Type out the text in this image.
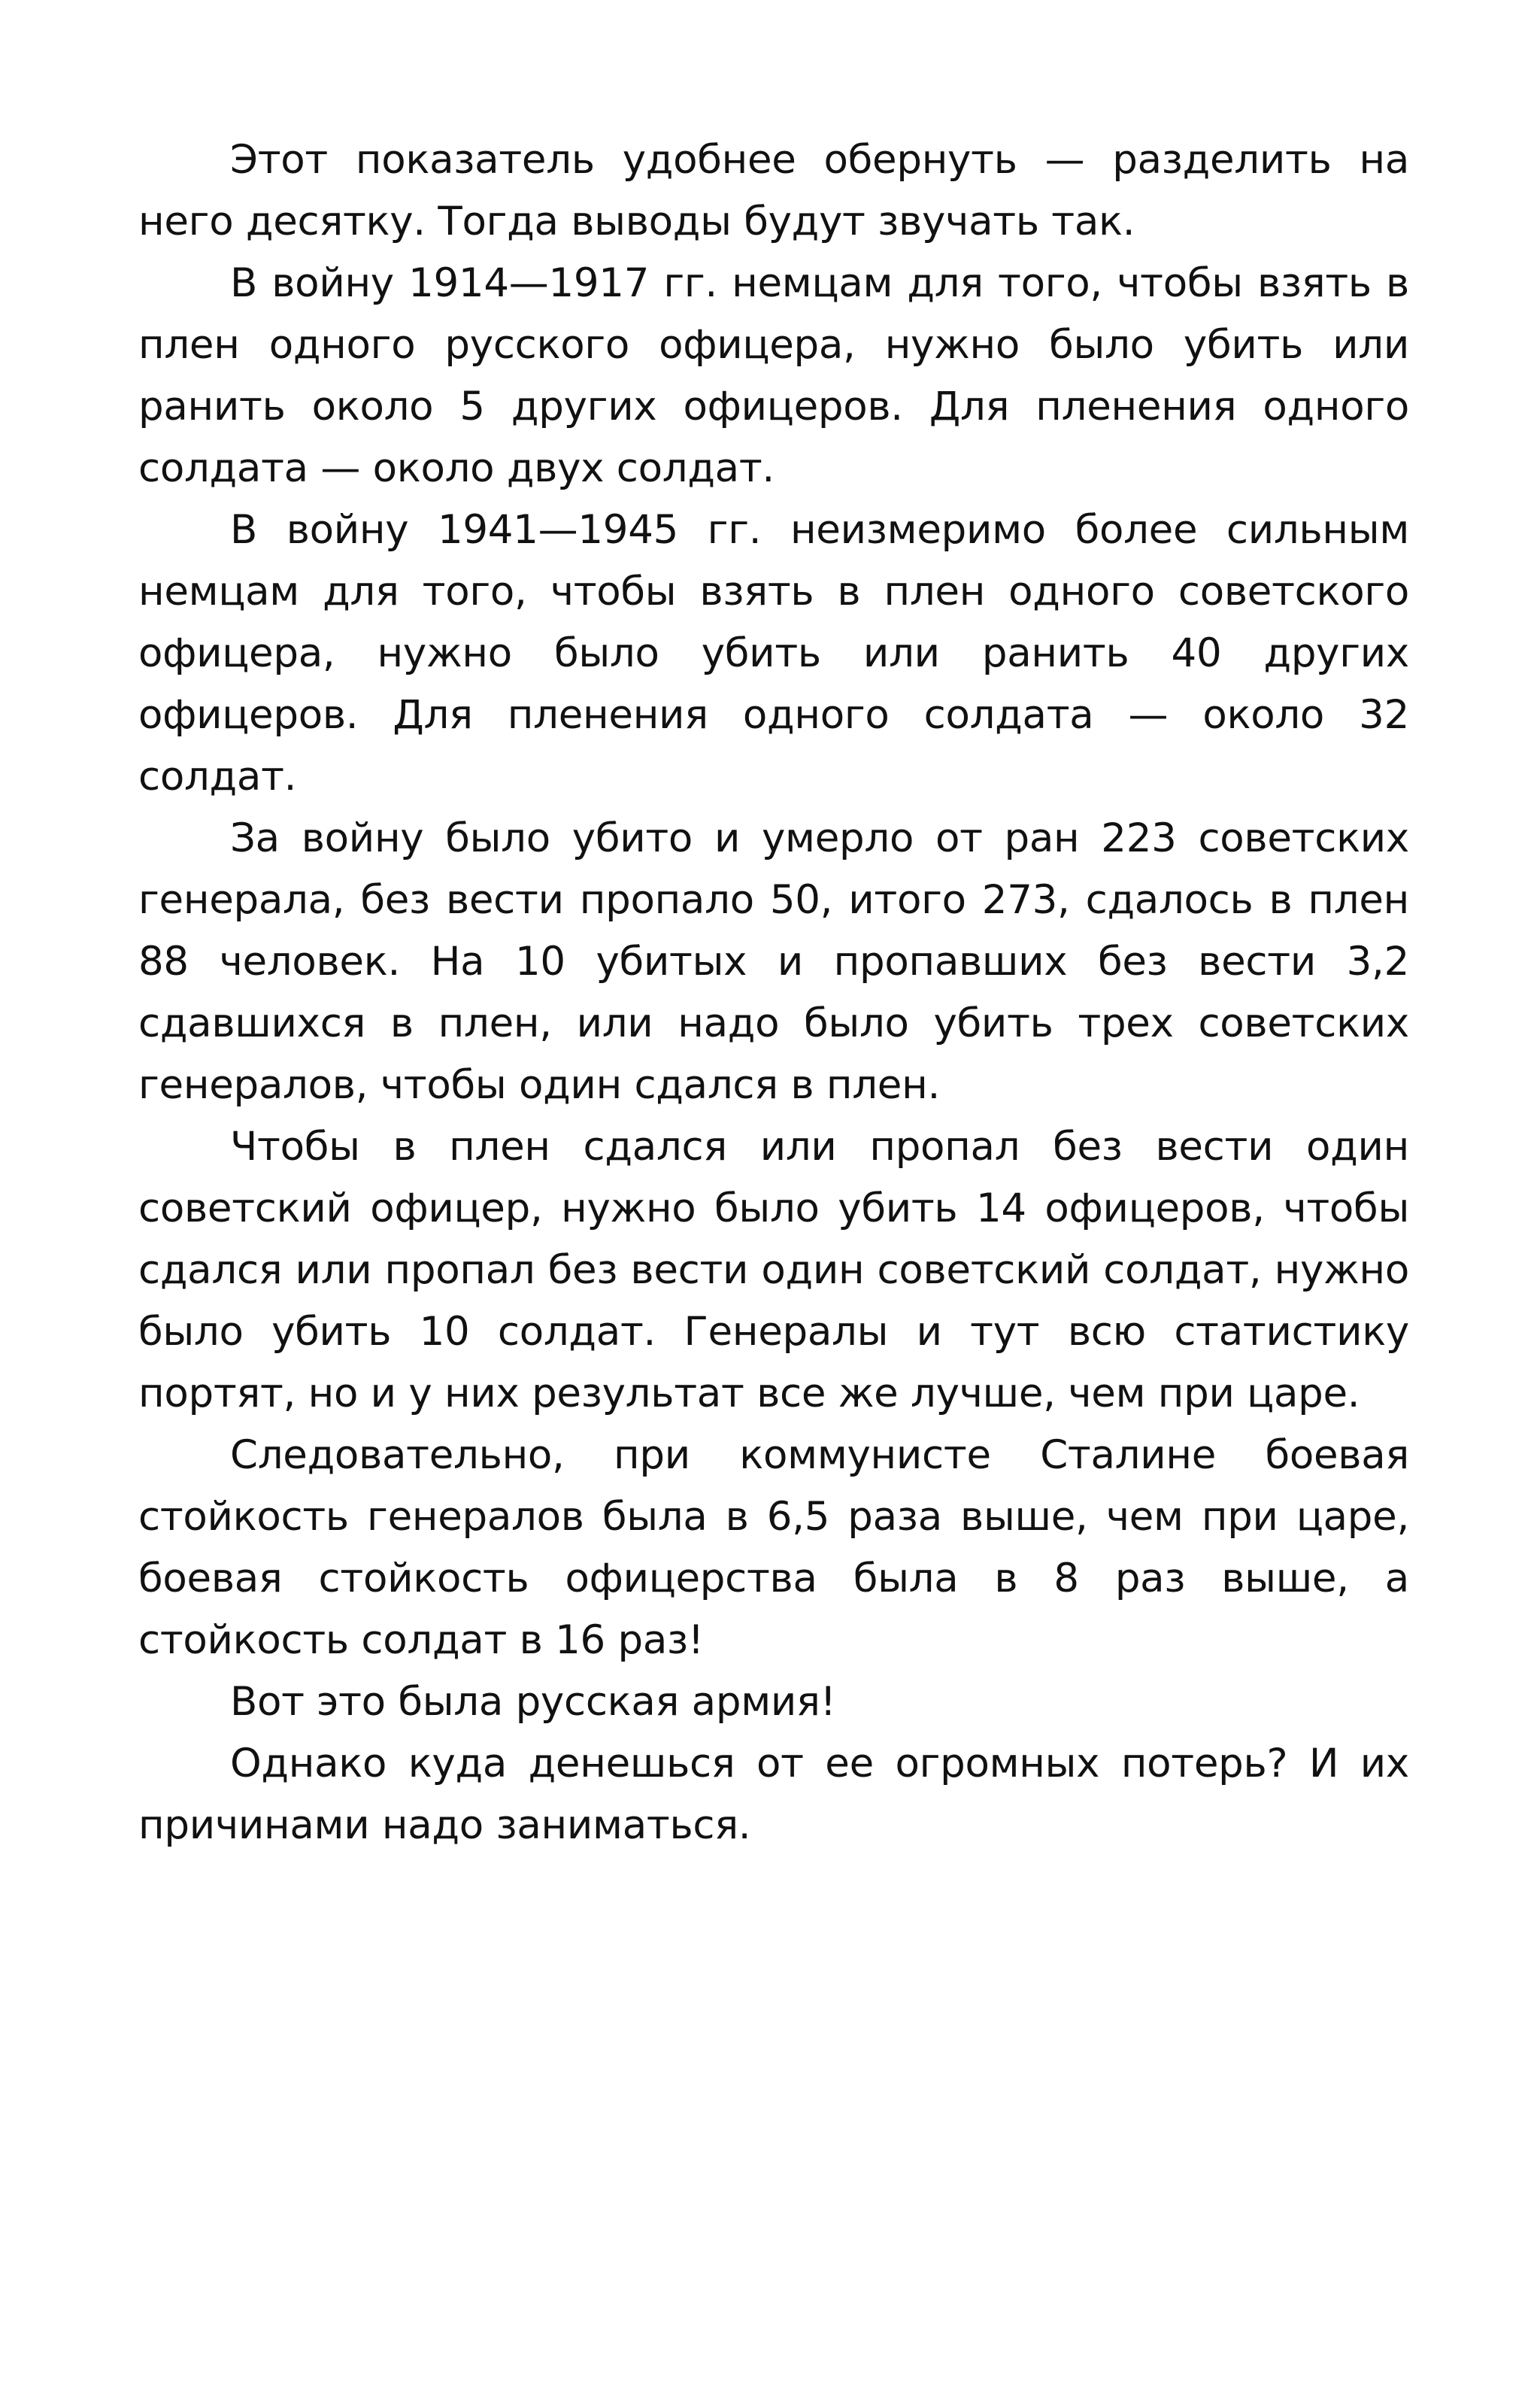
Этот показатель удобнее обернуть — разделить на него десятку. Тогда выводы будут звучать так.

В войну 1914—1917 гг. немцам для того, чтобы взять в плен одного русского офицера, нужно было убить или ранить около 5 других офицеров. Для пленения одного солдата — около двух солдат.

В войну 1941—1945 гг. неизмеримо более сильным немцам для того, чтобы взять в плен одного советского офицера, нужно было убить или ранить 40 других офицеров. Для пленения одного солдата — около 32 солдат.

За войну было убито и умерло от ран 223 советских генерала, без вести пропало 50, итого 273, сдалось в плен 88 человек. На 10 убитых и пропавших без вести 3,2 сдавшихся в плен, или надо было убить трех советских генералов, чтобы один сдался в плен.

Чтобы в плен сдался или пропал без вести один советский офицер, нужно было убить 14 офицеров, чтобы сдался или пропал без вести один советский солдат, нужно было убить 10 солдат. Генералы и тут всю статистику портят, но и у них результат все же лучше, чем при царе.

Следовательно, при коммунисте Сталине боевая стойкость генералов была в 6,5 раза выше, чем при царе, боевая стойкость офицерства была в 8 раз выше, а стойкость солдат в 16 раз!

Вот это была русская армия!

Однако куда денешься от ее огромных потерь? И их причинами надо заниматься.
